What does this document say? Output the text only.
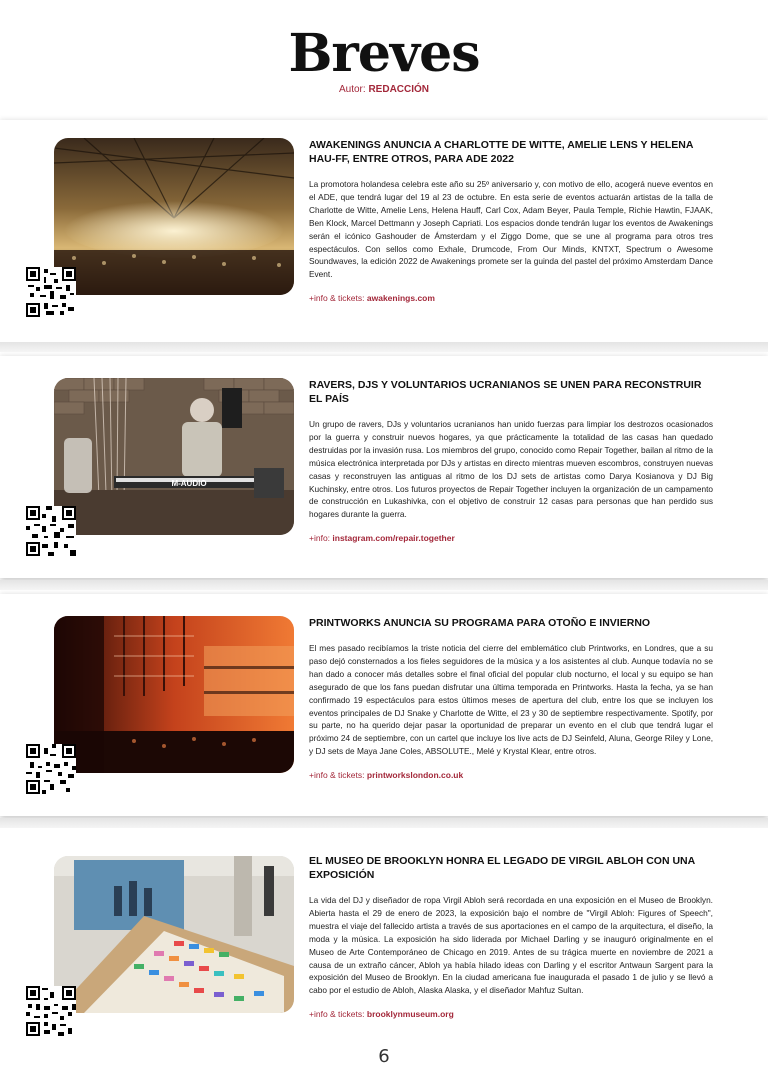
Breves
Autor: REDACCIÓN
AWAKENINGS ANUNCIA A CHARLOTTE DE WITTE, AMELIE LENS Y HELENA HAU-FF, ENTRE OTROS, PARA ADE 2022
La promotora holandesa celebra este año su 25º aniversario y, con motivo de ello, acogerá nueve eventos en el ADE, que tendrá lugar del 19 al 23 de octubre. En esta serie de eventos actuarán artistas de la talla de Charlotte de Witte, Amelie Lens, Helena Hauff, Carl Cox, Adam Beyer, Paula Temple, Richie Hawtin, FJAAK, Ben Klock, Marcel Dettmann y Joseph Capriati. Los espacios donde tendrán lugar los eventos de Awakenings serán el icónico Gashouder de Ámsterdam y el Ziggo Dome, que se une al programa para otros tres espectáculos. Con sellos como Exhale, Drumcode, From Our Minds, KNTXT, Spectrum o Awesome Soundwaves, la edición 2022 de Awakenings promete ser la guinda del pastel del próximo Amsterdam Dance Event.
+info & tickets: awakenings.com
M-AUDIO
RAVERS, DJS Y VOLUNTARIOS UCRANIANOS SE UNEN PARA RECONSTRUIR EL PAÍS
Un grupo de ravers, DJs y voluntarios ucranianos han unido fuerzas para limpiar los destrozos ocasionados por la guerra y construir nuevos hogares, ya que prácticamente la totalidad de las casas han quedado destruidas por la invasión rusa. Los miembros del grupo, conocido como Repair Together, bailan al ritmo de la música electrónica interpretada por DJs y artistas en directo mientras mueven escombros, construyen nuevas casas y reconstruyen las antiguas al ritmo de los DJ sets de artistas como Darya Kosianova y DJ Big Kuchinsky, entre otros. Los futuros proyectos de Repair Together incluyen la organización de un campamento de construcción en Lukashivka, con el objetivo de construir 12 casas para personas que han perdido sus hogares durante la guerra.
+info: instagram.com/repair.together
PRINTWORKS ANUNCIA SU PROGRAMA PARA OTOÑO E INVIERNO
El mes pasado recibíamos la triste noticia del cierre del emblemático club Printworks, en Londres, que a su paso dejó consternados a los fieles seguidores de la música y a los asistentes al club. Aunque todavía no se han dado a conocer más detalles sobre el final oficial del popular club nocturno, el local y su equipo se han asegurado de que los fans puedan disfrutar una última temporada en Printworks. Hasta la fecha, ya se han confirmado 19 espectáculos para estos últimos meses de apertura del club, entre los que se incluyen los eventos principales de DJ Snake y Charlotte de Witte, el 23 y 30 de septiembre respectivamente. Spotify, por su parte, no ha querido dejar pasar la oportunidad de preparar un evento en el club que tendrá lugar el próximo 24 de septiembre, con un cartel que incluye los live acts de DJ Seinfeld, Aluna, George Riley y Lone, y DJ sets de Maya Jane Coles, ABSOLUTE., Melé y Krystal Klear, entre otros.
+info & tickets: printworkslondon.co.uk
EL MUSEO DE BROOKLYN HONRA EL LEGADO DE VIRGIL ABLOH CON UNA EXPOSICIÓN
La vida del DJ y diseñador de ropa Virgil Abloh será recordada en una exposición en el Museo de Brooklyn. Abierta hasta el 29 de enero de 2023, la exposición bajo el nombre de "Virgil Abloh: Figures of Speech", muestra el viaje del fallecido artista a través de sus aportaciones en el campo de la arquitectura, el diseño, la moda y la música. La exposición ha sido liderada por Michael Darling y se inauguró originalmente en el Museo de Arte Contemporáneo de Chicago en 2019. Antes de su trágica muerte en noviembre de 2021 a causa de un extraño cáncer, Abloh ya había hilado ideas con Darling y el escritor Antwaun Sargent para la exposición del Museo de Brooklyn. En la ciudad americana fue inaugurada el pasado 1 de julio y se llevó a cabo por el estudio de Abloh, Alaska Alaska, y el diseñador Mahfuz Sultan.
+info & tickets: brooklynmuseum.org
6
